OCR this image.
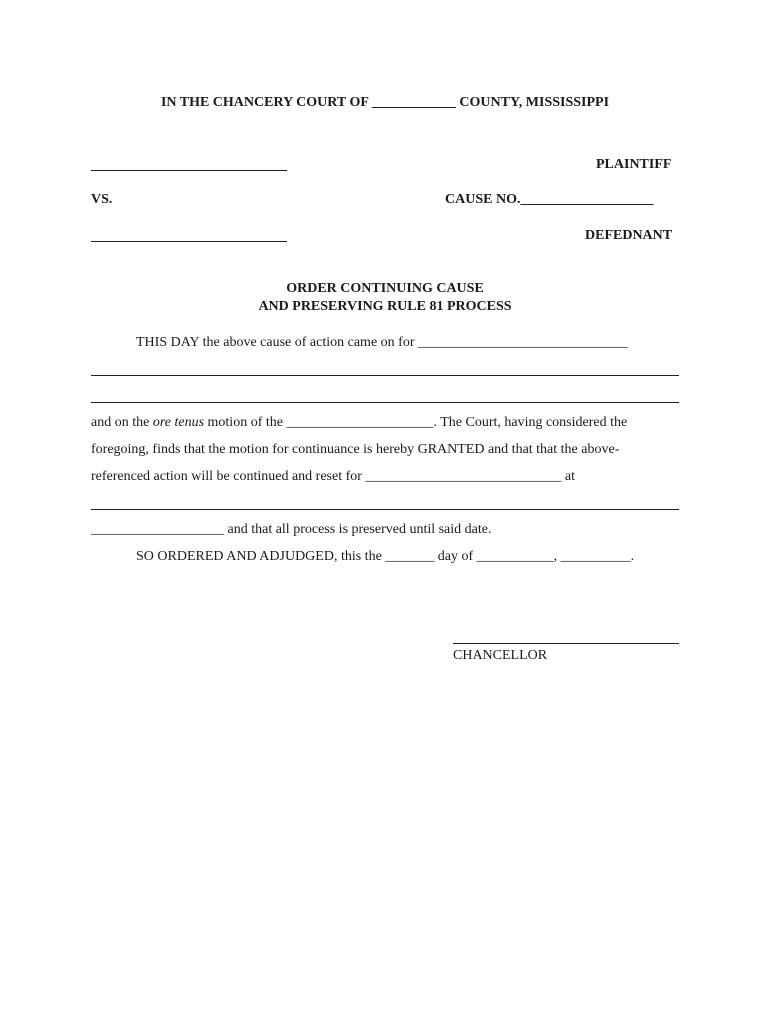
IN THE CHANCERY COURT OF ____________ COUNTY, MISSISSIPPI
PLAINTIFF
VS.	CAUSE NO.___________________
DEFEDNANT
ORDER CONTINUING CAUSE
AND PRESERVING RULE 81 PROCESS
THIS DAY the above cause of action came on for ______________________________
and on the ore tenus motion of the _____________________. The Court, having considered the
foregoing, finds that the motion for continuance is hereby GRANTED and that that the above-
referenced action will be continued and reset for ____________________________ at
___________________ and that all process is preserved until said date.
SO ORDERED AND ADJUDGED, this the _______ day of ___________, __________.
CHANCELLOR
